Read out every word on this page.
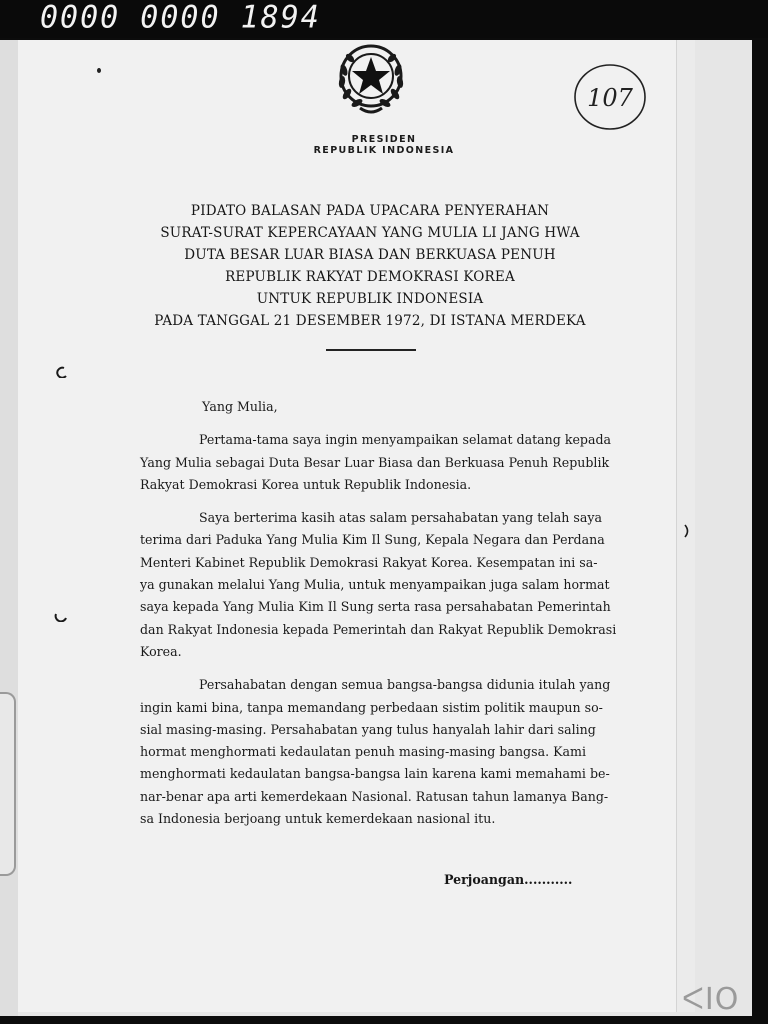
0000 0000 1894
PRESIDEN
REPUBLIK INDONESIA
107
PIDATO BALASAN PADA UPACARA PENYERAHAN
SURAT-SURAT KEPERCAYAAN YANG MULIA LI JANG HWA
DUTA BESAR LUAR BIASA DAN BERKUASA PENUH
REPUBLIK RAKYAT DEMOKRASI KOREA
UNTUK REPUBLIK INDONESIA
PADA TANGGAL 21 DESEMBER 1972, DI ISTANA MERDEKA
Yang Mulia,
Pertama-tama saya ingin menyampaikan selamat datang kepada
Yang Mulia sebagai Duta Besar Luar Biasa dan Berkuasa Penuh Republik
Rakyat Demokrasi Korea untuk Republik Indonesia.
Saya berterima kasih atas salam persahabatan yang telah saya
terima dari Paduka Yang Mulia Kim Il Sung, Kepala Negara dan Perdana
Menteri Kabinet Republik Demokrasi Rakyat Korea. Kesempatan ini sa-
ya gunakan melalui Yang Mulia, untuk menyampaikan juga salam hormat
saya kepada Yang Mulia Kim Il Sung serta rasa persahabatan Pemerintah
dan Rakyat Indonesia kepada Pemerintah dan Rakyat Republik Demokrasi
Korea.
Persahabatan dengan semua bangsa-bangsa didunia itulah yang
ingin kami bina, tanpa memandang perbedaan sistim politik maupun so-
sial masing-masing. Persahabatan yang tulus hanyalah lahir dari saling
hormat menghormati kedaulatan penuh masing-masing bangsa. Kami
menghormati kedaulatan bangsa-bangsa lain karena kami memahami be-
nar-benar apa arti kemerdekaan Nasional. Ratusan tahun lamanya Bang-
sa Indonesia berjoang untuk kemerdekaan nasional itu.
Perjoangan...........
ᐸIO
